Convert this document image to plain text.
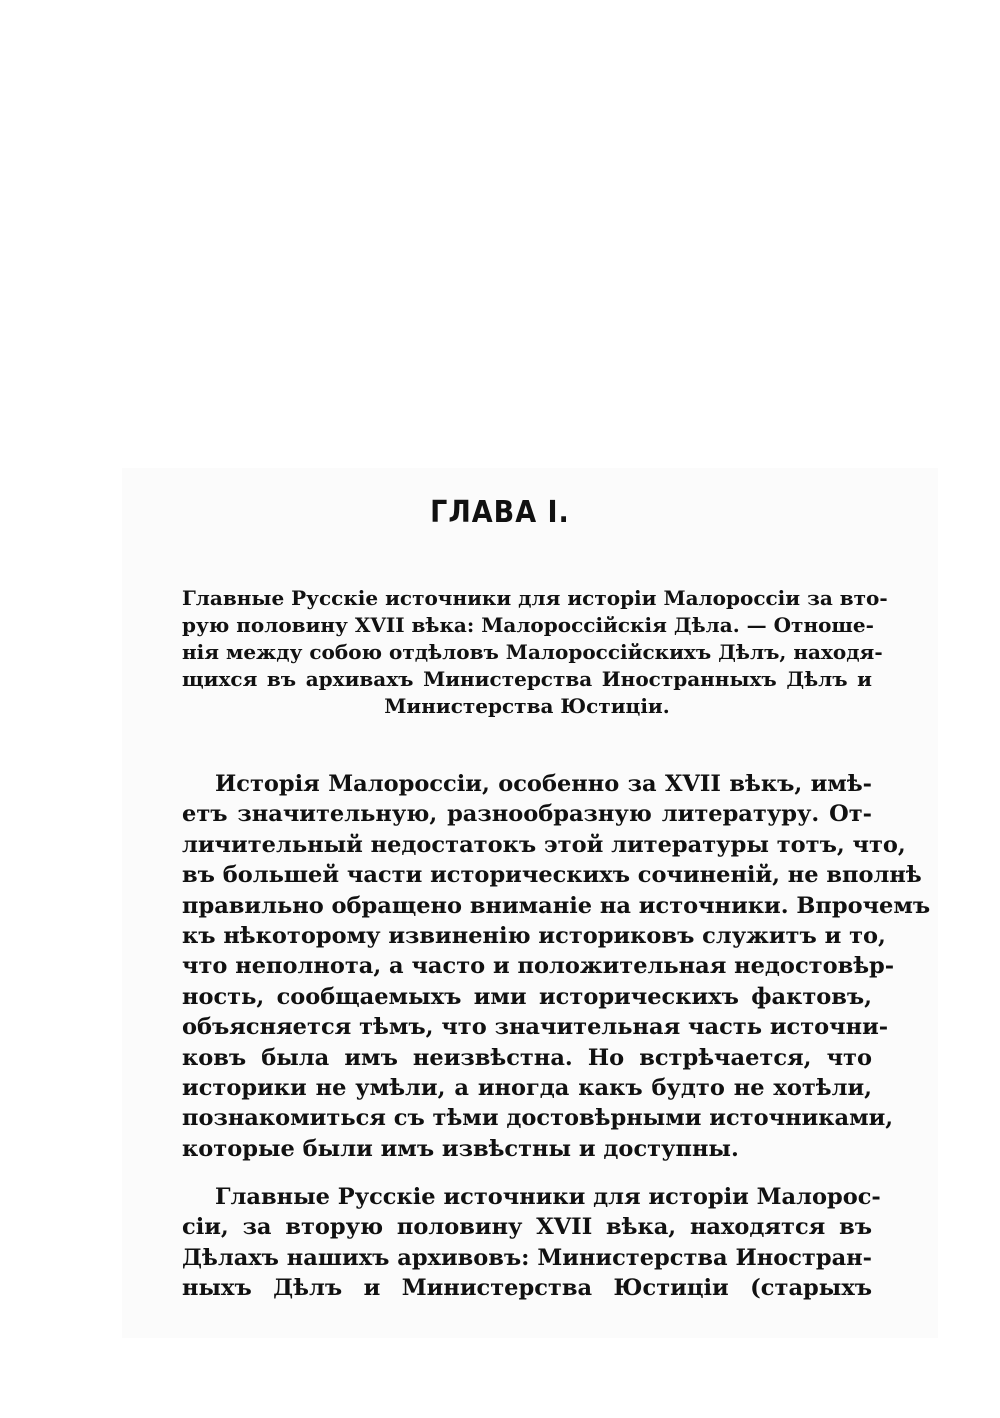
ГЛАВА I.
Главные Русскіе источники для исторіи Малороссіи за вто-
рую половину XVII вѣка: Малороссійскія Дѣла. — Отноше-
нія между собою отдѣловъ Малороссійскихъ Дѣлъ, находя-
щихся въ архивахъ Министерства Иностранныхъ Дѣлъ и
Министерства Юстиціи.
Исторія Малороссіи, особенно за XVII вѣкъ, имѣ-
етъ значительную, разнообразную литературу. От-
личительный недостатокъ этой литературы тотъ, что,
въ большей части историческихъ сочиненій, не вполнѣ
правильно обращено вниманіе на источники. Впрочемъ
къ нѣкоторому извиненію историковъ служитъ и то,
что неполнота, а часто и положительная недостовѣр-
ность, сообщаемыхъ ими историческихъ фактовъ,
объясняется тѣмъ, что значительная часть источни-
ковъ была имъ неизвѣстна. Но встрѣчается, что
историки не умѣли, а иногда какъ будто не хотѣли,
познакомиться съ тѣми достовѣрными источниками,
которые были имъ извѣстны и доступны.
Главные Русскіе источники для исторіи Малорос-
сіи, за вторую половину XVII вѣка, находятся въ
Дѣлахъ нашихъ архивовъ: Министерства Иностран-
ныхъ Дѣлъ и Министерства Юстиціи (старыхъ
